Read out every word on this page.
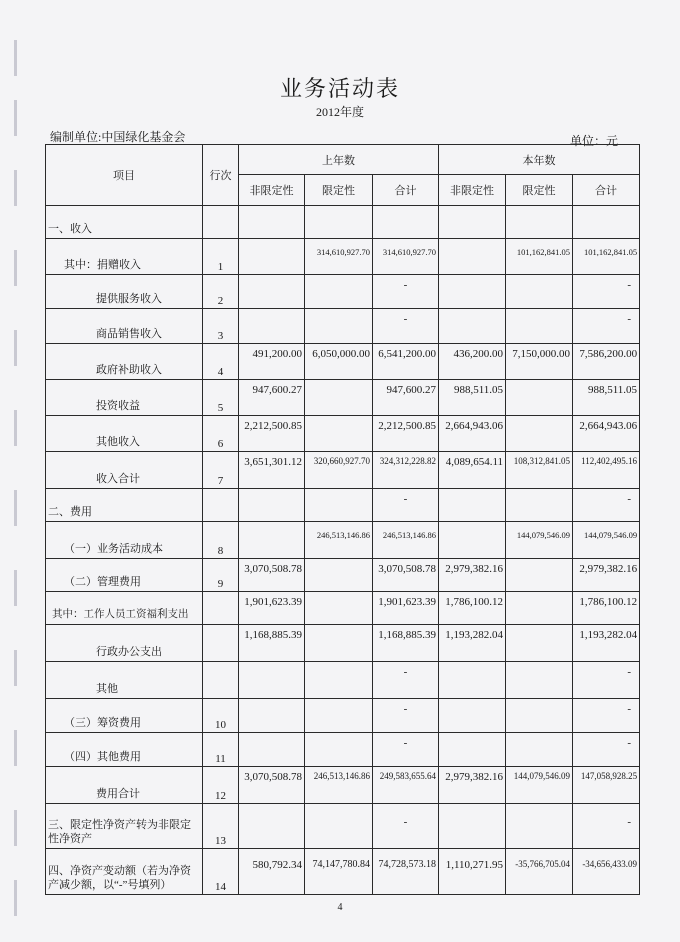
业务活动表
2012年度
编制单位:中国绿化基金会	单位：元
项目	行次	上年数			本年数		
		非限定性	限定性	合计	非限定性	限定性	合计
一、收入							
其中：捐赠收入	1		314,610,927.70	314,610,927.70		101,162,841.05	101,162,841.05
提供服务收入	2			-			-
商品销售收入	3			-			-
政府补助收入	4	491,200.00	6,050,000.00	6,541,200.00	436,200.00	7,150,000.00	7,586,200.00
投资收益	5	947,600.27		947,600.27	988,511.05		988,511.05
其他收入	6	2,212,500.85		2,212,500.85	2,664,943.06		2,664,943.06
收入合计	7	3,651,301.12	320,660,927.70	324,312,228.82	4,089,654.11	108,312,841.05	112,402,495.16
二、费用				-			-
（一）业务活动成本	8		246,513,146.86	246,513,146.86		144,079,546.09	144,079,546.09
（二）管理费用	9	3,070,508.78		3,070,508.78	2,979,382.16		2,979,382.16
其中：工作人员工资福利支出		1,901,623.39		1,901,623.39	1,786,100.12		1,786,100.12
行政办公支出		1,168,885.39		1,168,885.39	1,193,282.04		1,193,282.04
其他				-			-
（三）筹资费用	10			-			-
（四）其他费用	11			-			-
费用合计	12	3,070,508.78	246,513,146.86	249,583,655.64	2,979,382.16	144,079,546.09	147,058,928.25
三、限定性净资产转为非限定性净资产	13			-			-
四、净资产变动额（若为净资产减少额，以“-”号填列）	14	580,792.34	74,147,780.84	74,728,573.18	1,110,271.95	-35,766,705.04	-34,656,433.09
4
